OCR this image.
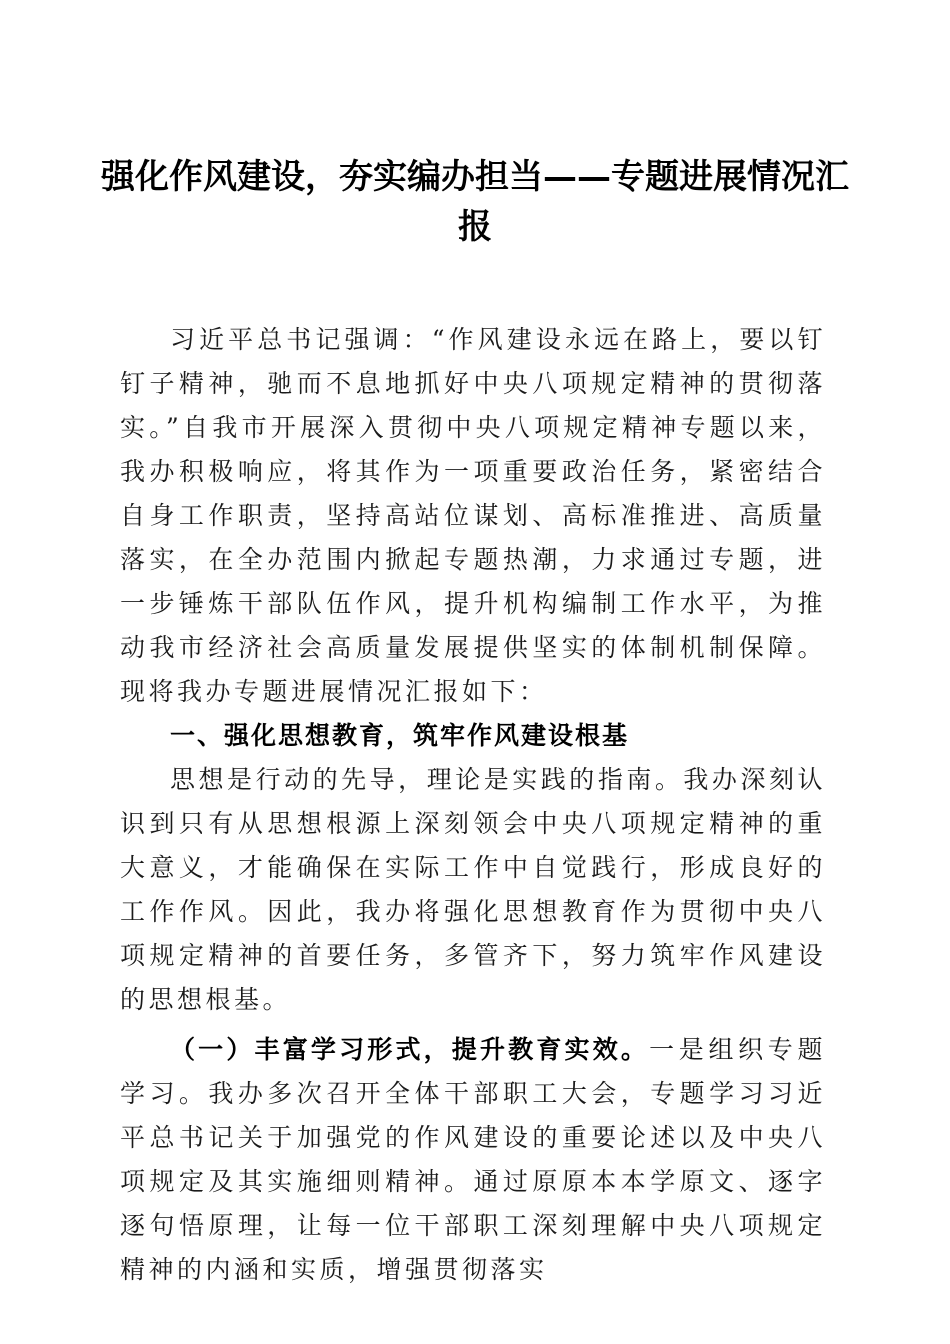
强化作风建设，夯实编办担当——专题进展情况汇报

习近平总书记强调：“作风建设永远在路上，要以钉钉子精神，驰而不息地抓好中央八项规定精神的贯彻落实。”自我市开展深入贯彻中央八项规定精神专题以来，我办积极响应，将其作为一项重要政治任务，紧密结合自身工作职责，坚持高站位谋划、高标准推进、高质量落实，在全办范围内掀起专题热潮，力求通过专题，进一步锤炼干部队伍作风，提升机构编制工作水平，为推动我市经济社会高质量发展提供坚实的体制机制保障。现将我办专题进展情况汇报如下：

一、强化思想教育，筑牢作风建设根基

思想是行动的先导，理论是实践的指南。我办深刻认识到只有从思想根源上深刻领会中央八项规定精神的重大意义，才能确保在实际工作中自觉践行，形成良好的工作作风。因此，我办将强化思想教育作为贯彻中央八项规定精神的首要任务，多管齐下，努力筑牢作风建设的思想根基。

（一）丰富学习形式，提升教育实效。一是组织专题学习。我办多次召开全体干部职工大会，专题学习习近平总书记关于加强党的作风建设的重要论述以及中央八项规定及其实施细则精神。通过原原本本学原文、逐字逐句悟原理，让每一位干部职工深刻理解中央八项规定精神的内涵和实质，增强贯彻落实
